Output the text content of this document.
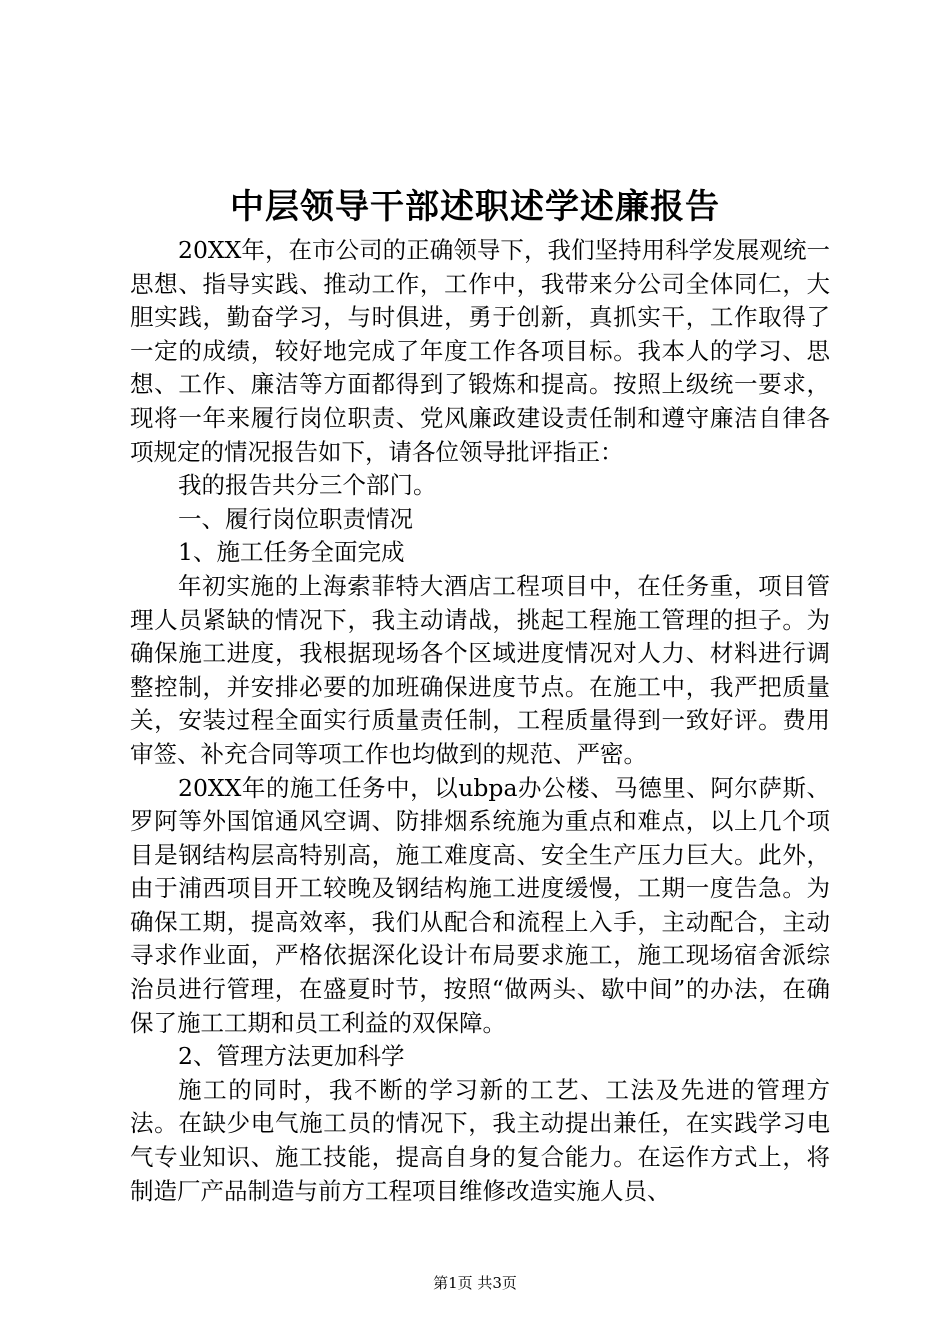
中层领导干部述职述学述廉报告

20XX年，在市公司的正确领导下，我们坚持用科学发展观统一思想、指导实践、推动工作，工作中，我带来分公司全体同仁，大胆实践，勤奋学习，与时俱进，勇于创新，真抓实干，工作取得了一定的成绩，较好地完成了年度工作各项目标。我本人的学习、思想、工作、廉洁等方面都得到了锻炼和提高。按照上级统一要求，现将一年来履行岗位职责、党风廉政建设责任制和遵守廉洁自律各项规定的情况报告如下，请各位领导批评指正：

我的报告共分三个部门。

一、履行岗位职责情况

1、施工任务全面完成

年初实施的上海索菲特大酒店工程项目中，在任务重，项目管理人员紧缺的情况下，我主动请战，挑起工程施工管理的担子。为确保施工进度，我根据现场各个区域进度情况对人力、材料进行调整控制，并安排必要的加班确保进度节点。在施工中，我严把质量关，安装过程全面实行质量责任制，工程质量得到一致好评。费用审签、补充合同等项工作也均做到的规范、严密。

20XX年的施工任务中，以ubpa办公楼、马德里、阿尔萨斯、罗阿等外国馆通风空调、防排烟系统施为重点和难点，以上几个项目是钢结构层高特别高，施工难度高、安全生产压力巨大。此外，由于浦西项目开工较晚及钢结构施工进度缓慢，工期一度告急。为确保工期，提高效率，我们从配合和流程上入手，主动配合，主动寻求作业面，严格依据深化设计布局要求施工，施工现场宿舍派综治员进行管理，在盛夏时节，按照“做两头、歇中间”的办法，在确保了施工工期和员工利益的双保障。

2、管理方法更加科学

施工的同时，我不断的学习新的工艺、工法及先进的管理方法。在缺少电气施工员的情况下，我主动提出兼任，在实践学习电气专业知识、施工技能，提高自身的复合能力。在运作方式上，将制造厂产品制造与前方工程项目维修改造实施人员、

第1页 共3页
